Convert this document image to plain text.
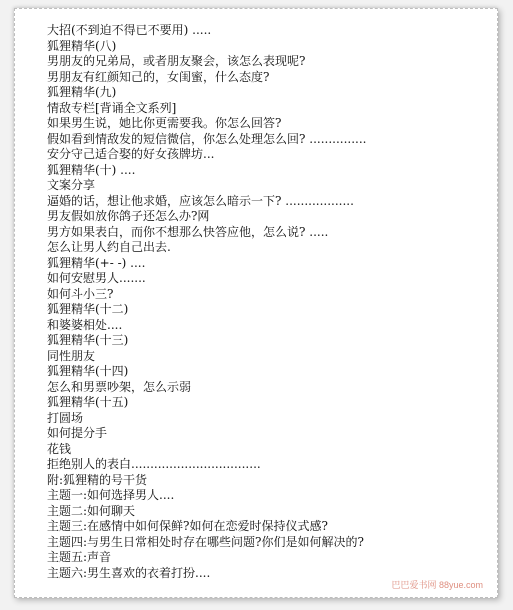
大招(不到迫不得已不要用) .....
狐狸精华(八)
男朋友的兄弟局，或者朋友聚会，该怎么表现呢?
男朋友有红颜知己的，女闺蜜，什么态度?
狐狸精华(九)
情敌专栏[背诵全文系列]
如果男生说，她比你更需要我。你怎么回答?
假如看到情敌发的短信微信，你怎么处理怎么回? ...............
安分守己适合娶的好女孩牌坊...
狐狸精华(十) ....
文案分享
逼婚的话，想让他求婚，应该怎么暗示一下? ..................
男友假如放你鸽子还怎么办?网
男方如果表白，而你不想那么快答应他，怎么说? .....
怎么让男人约自己出去.
狐狸精华(+- -) ....
如何安慰男人.......
如何斗小三?
狐狸精华(十二)
和婆婆相处....
狐狸精华(十三)
同性朋友
狐狸精华(十四)
怎么和男票吵架，怎么示弱
狐狸精华(十五)
打圆场
如何提分手
花钱
拒绝别人的表白..................................
附:狐狸精的号干货
主题一:如何选择男人....
主题二:如何聊天
主题三:在感情中如何保鲜?如何在恋爱时保持仪式感?
主题四:与男生日常相处时存在哪些问题?你们是如何解决的?
主题五:声音
主题六:男生喜欢的衣着打扮....
巴巴爱书网 88yue.com
